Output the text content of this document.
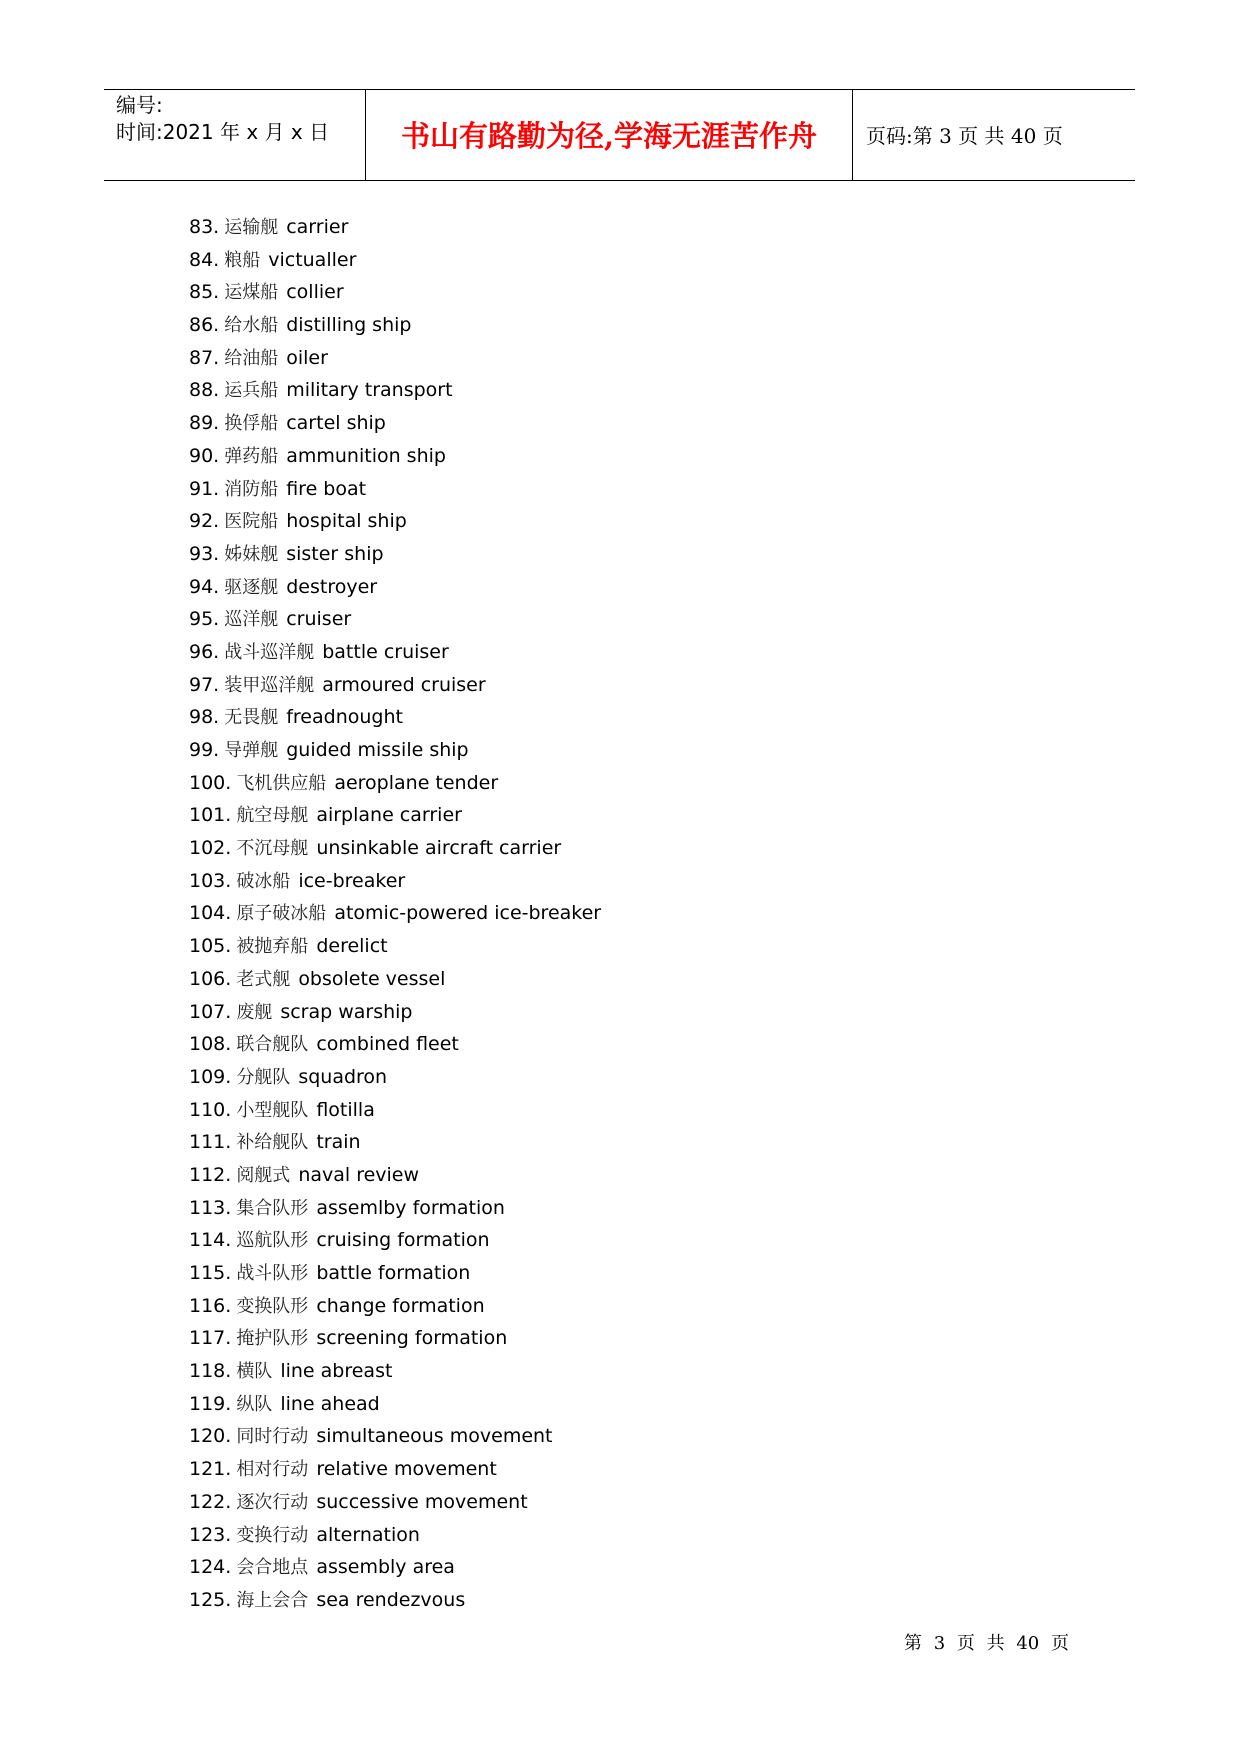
编号:
时间:2021 年 x 月 x 日	书山有路勤为径,学海无涯苦作舟	页码:第 3 页 共 40 页
83. 运输舰 carrier
84. 粮船 victualler
85. 运煤船 collier
86. 给水船 distilling ship
87. 给油船 oiler
88. 运兵船 military transport
89. 换俘船 cartel ship
90. 弹药船 ammunition ship
91. 消防船 fire boat
92. 医院船 hospital ship
93. 姊妹舰 sister ship
94. 驱逐舰 destroyer
95. 巡洋舰 cruiser
96. 战斗巡洋舰 battle cruiser
97. 装甲巡洋舰 armoured cruiser
98. 无畏舰 freadnought
99. 导弹舰 guided missile ship
100. 飞机供应船 aeroplane tender
101. 航空母舰 airplane carrier
102. 不沉母舰 unsinkable aircraft carrier
103. 破冰船 ice-breaker
104. 原子破冰船 atomic-powered ice-breaker
105. 被抛弃船 derelict
106. 老式舰 obsolete vessel
107. 废舰 scrap warship
108. 联合舰队 combined fleet
109. 分舰队 squadron
110. 小型舰队 flotilla
111. 补给舰队 train
112. 阅舰式 naval review
113. 集合队形 assemlby formation
114. 巡航队形 cruising formation
115. 战斗队形 battle formation
116. 变换队形 change formation
117. 掩护队形 screening formation
118. 横队 line abreast
119. 纵队 line ahead
120. 同时行动 simultaneous movement
121. 相对行动 relative movement
122. 逐次行动 successive movement
123. 变换行动 alternation
124. 会合地点 assembly area
125. 海上会合 sea rendezvous
第 3 页 共 40 页
